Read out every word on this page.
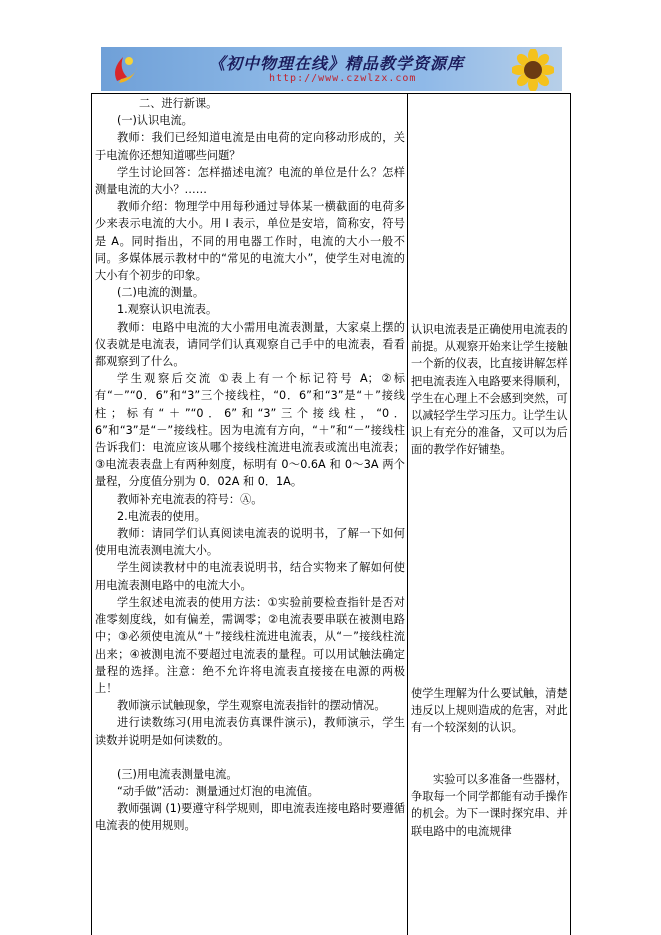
《初中物理在线》精品教学资源库
http://www.czwlzx.com

二、进行新课。

(一)认识电流。

教师：我们已经知道电流是由电荷的定向移动形成的，关于电流你还想知道哪些问题？

学生讨论回答：怎样描述电流？电流的单位是什么？怎样测量电流的大小？……

教师介绍：物理学中用每秒通过导体某一横截面的电荷多少来表示电流的大小。用 I 表示，单位是安培，简称安，符号是 A。同时指出，不同的用电器工作时，电流的大小一般不同。多媒体展示教材中的“常见的电流大小”，使学生对电流的大小有个初步的印象。

(二)电流的测量。

1.观察认识电流表。

教师：电路中电流的大小需用电流表测量，大家桌上摆的仪表就是电流表，请同学们认真观察自己手中的电流表，看看都观察到了什么。

学生观察后交流 ①表上有一个标记符号 A；②标有“－”“0．6”和“3”三个接线柱，“0．6”和“3”是“＋”接线柱；标有“＋”“0．6”和“3”三个接线柱，“0．6”和“3”是“－”接线柱。因为电流有方向，“＋”和“－”接线柱告诉我们：电流应该从哪个接线柱流进电流表或流出电流表；③电流表表盘上有两种刻度，标明有 0～0.6A 和 0～3A 两个量程，分度值分别为 0．02A 和 0．1A。

教师补充电流表的符号：Ⓐ。

2.电流表的使用。

教师：请同学们认真阅读电流表的说明书，了解一下如何使用电流表测电流大小。

学生阅读教材中的电流表说明书，结合实物来了解如何使用电流表测电路中的电流大小。

学生叙述电流表的使用方法：①实验前要检查指针是否对准零刻度线，如有偏差，需调零；②电流表要串联在被测电路中；③必须使电流从“＋”接线柱流进电流表，从“－”接线柱流出来；④被测电流不要超过电流表的量程。可以用试触法确定量程的选择。注意：绝不允许将电流表直接接在电源的两极上！

教师演示试触现象，学生观察电流表指针的摆动情况。

进行读数练习(用电流表仿真课件演示)，教师演示，学生读数并说明是如何读数的。

(三)用电流表测量电流。

“动手做”活动：测量通过灯泡的电流值。

教师强调 (1)要遵守科学规则，即电流表连接电路时要遵循电流表的使用规则。

认识电流表是正确使用电流表的前提。从观察开始来让学生接触一个新的仪表，比直接讲解怎样把电流表连入电路要来得顺利，学生在心理上不会感到突然，可以减轻学生学习压力。让学生认识上有充分的准备，又可以为后面的教学作好铺垫。

使学生理解为什么要试触，清楚违反以上规则造成的危害，对此有一个较深刻的认识。

实验可以多准备一些器材，争取每一个同学都能有动手操作的机会。为下一课时探究串、并联电路中的电流规律
